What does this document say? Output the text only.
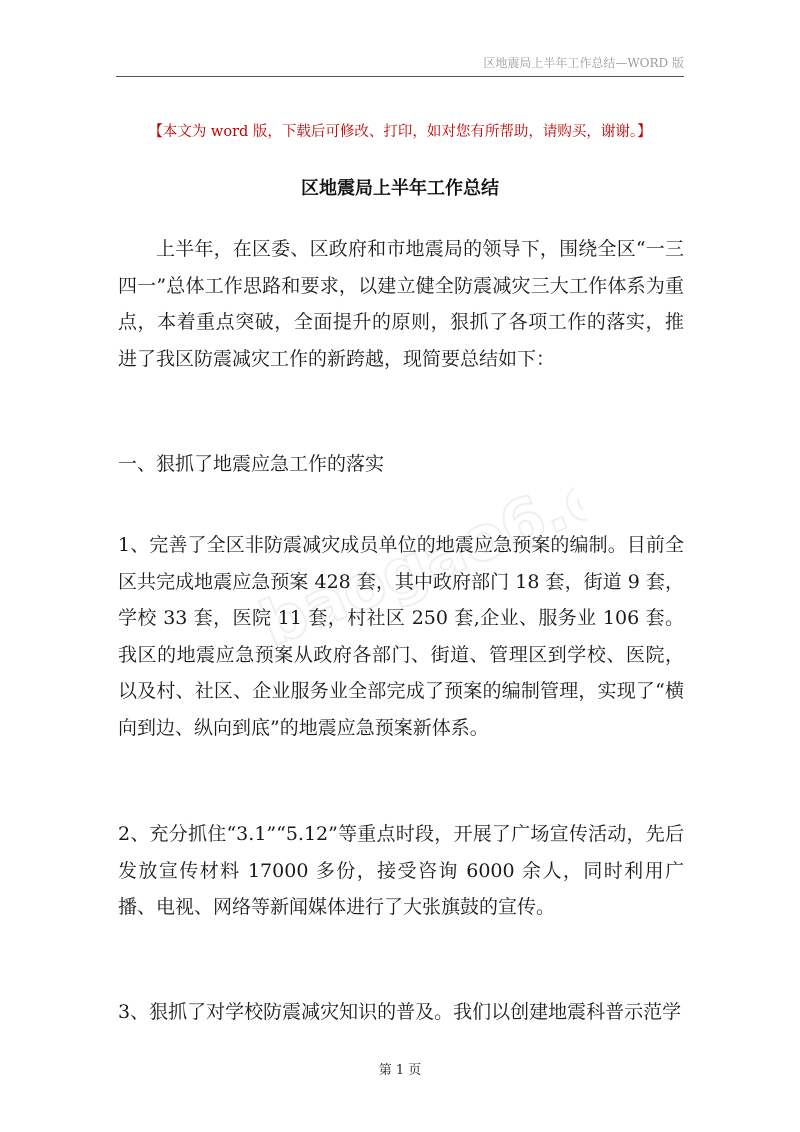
区地震局上半年工作总结—WORD 版
【本文为 word 版，下载后可修改、打印，如对您有所帮助，请购买，谢谢。】
区地震局上半年工作总结
上半年，在区委、区政府和市地震局的领导下，围绕全区“一三四一”总体工作思路和要求，以建立健全防震减灾三大工作体系为重点，本着重点突破，全面提升的原则，狠抓了各项工作的落实，推进了我区防震减灾工作的新跨越，现简要总结如下：
一、狠抓了地震应急工作的落实
1、完善了全区非防震减灾成员单位的地震应急预案的编制。目前全区共完成地震应急预案 428 套，其中政府部门 18 套，街道 9 套，学校 33 套，医院 11 套，村社区 250 套,企业、服务业 106 套。我区的地震应急预案从政府各部门、街道、管理区到学校、医院，以及村、社区、企业服务业全部完成了预案的编制管理，实现了“横向到边、纵向到底”的地震应急预案新体系。
2、充分抓住“3.1”“5.12”等重点时段，开展了广场宣传活动，先后发放宣传材料 17000 多份，接受咨询 6000 余人，同时利用广播、电视、网络等新闻媒体进行了大张旗鼓的宣传。
3、狠抓了对学校防震减灾知识的普及。我们以创建地震科普示范学
baogao6.com
第 1 页
